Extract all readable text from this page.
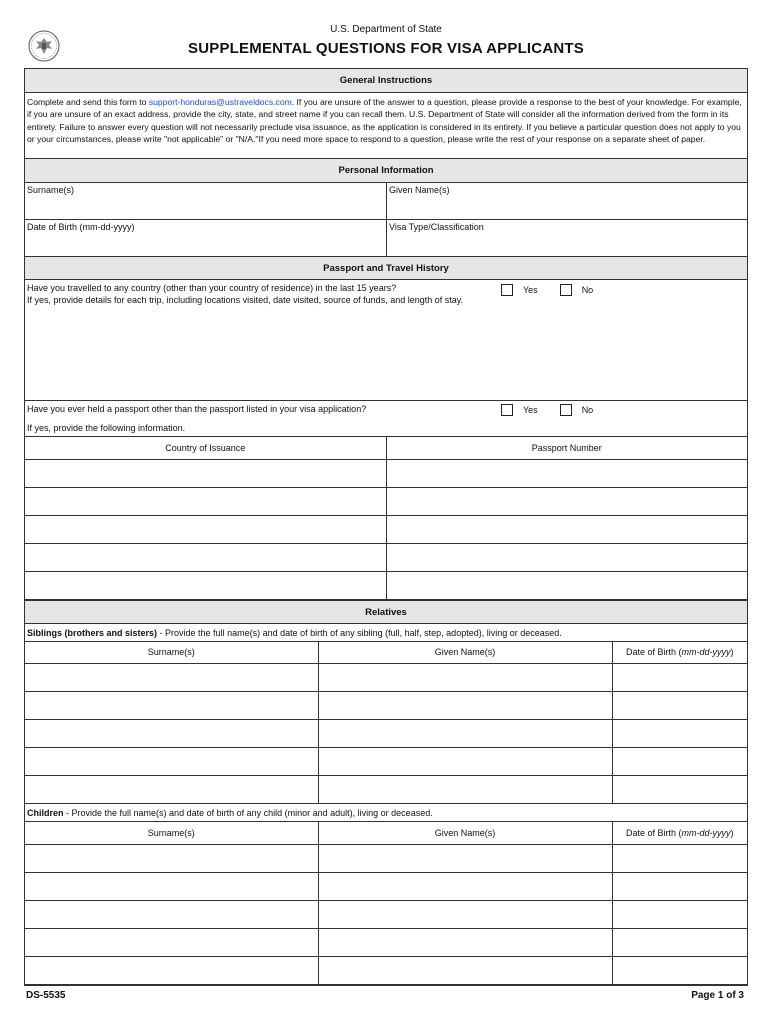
U.S. Department of State
SUPPLEMENTAL QUESTIONS FOR VISA APPLICANTS
General Instructions
Complete and send this form to support-honduras@ustraveldocs.com. If you are unsure of the answer to a question, please provide a response to the best of your knowledge. For example, if you are unsure of an exact address, provide the city, state, and street name if you can recall them. U.S. Department of State will consider all the information derived from the form in its entirety. Failure to answer every question will not necessarily preclude visa issuance, as the application is considered in its entirety. If you believe a particular question does not apply to you or your circumstances, please write "not applicable" or "N/A."If you need more space to respond to a question, please write the rest of your response on a separate sheet of paper.
Personal Information
Surname(s)	Given Name(s)
Date of Birth (mm-dd-yyyy)	Visa Type/Classification
Passport and Travel History
Have you travelled to any country (other than your country of residence) in the last 15 years?
If yes, provide details for each trip, including locations visited, date visited, source of funds, and length of stay.
Yes	No
Have you ever held a passport other than the passport listed in your visa application?
If yes, provide the following information.
Yes	No
Country of Issuance	Passport Number

Relatives
Siblings (brothers and sisters) - Provide the full name(s) and date of birth of any sibling (full, half, step, adopted), living or deceased.
Surname(s)	Given Name(s)	Date of Birth (mm-dd-yyyy)

Children - Provide the full name(s) and date of birth of any child (minor and adult), living or deceased.
Surname(s)	Given Name(s)	Date of Birth (mm-dd-yyyy)

DS-5535	Page 1 of 3
